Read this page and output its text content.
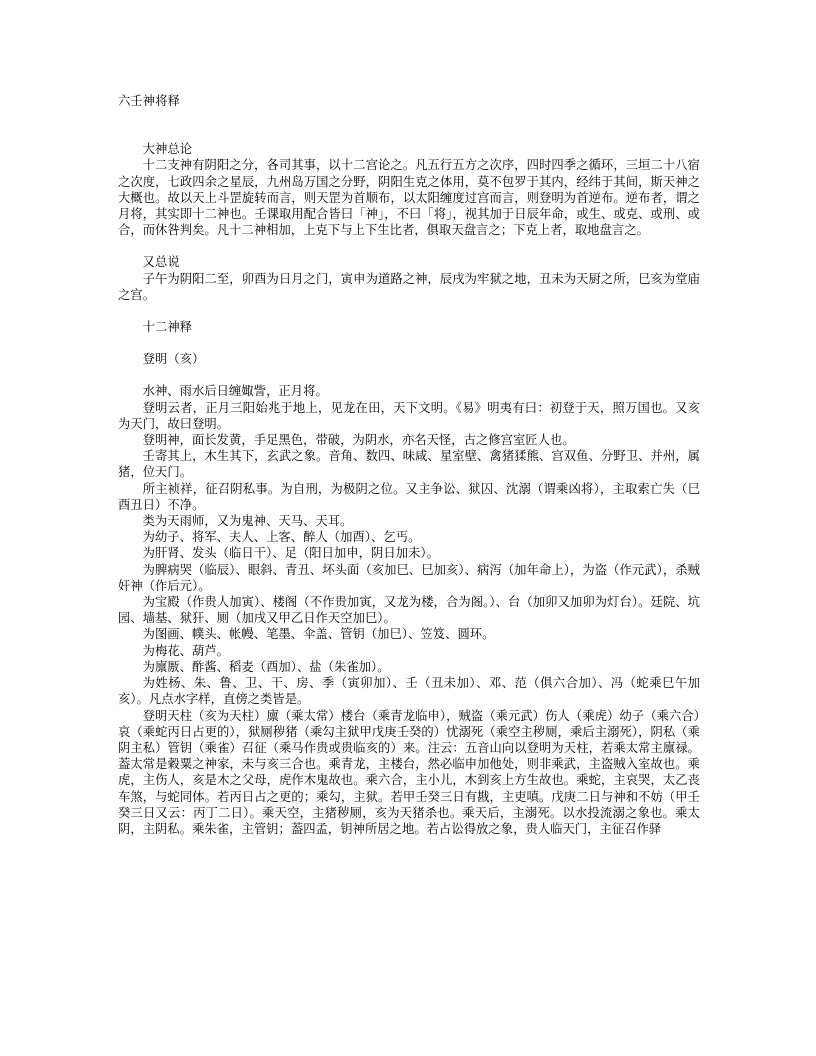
六壬神将释
大神总论

十二支神有阴阳之分，各司其事，以十二宫论之。凡五行五方之次序，四时四季之循环，三垣二十八宿之次度，七政四余之星辰，九州岛万国之分野，阴阳生克之体用，莫不包罗于其内，经纬于其间，斯天神之大概也。故以天上斗罡旋转而言，则天罡为首顺布，以太阳缠度过宫而言，则登明为首逆布。逆布者，谓之月将，其实即十二神也。壬课取用配合皆曰「神」，不曰「将」，视其加于日辰年命，或生、或克、或刑、或合，而休咎判矣。凡十二神相加，上克下与上下生比者，俱取天盘言之；下克上者，取地盘言之。

又总说

子午为阴阳二至，卯酉为日月之门，寅申为道路之神，辰戌为牢狱之地，丑未为天厨之所，巳亥为堂庙之宫。

十二神释
登明（亥）

水神、雨水后日缠娵訾，正月将。

登明云者，正月三阳始兆于地上，见龙在田，天下文明。《易》明夷有曰：初登于天，照万国也。又亥为天门，故曰登明。

登明神，面长发黄，手足黑色，带破，为阴水，亦名天怪，古之修宫室匠人也。

壬寄其上，木生其下，玄武之象。音角、数四、味咸、星室壁、禽猪猱熊、宫双鱼、分野卫、并州，属猪，位天门。

所主祯祥，征召阴私事。为自刑，为极阴之位。又主争讼、狱囚、沈溺（谓乘凶将），主取索亡失（巳酉丑日）不净。

类为天雨师，又为鬼神、天马、天耳。

为幼子、将军、夫人、上客、醉人（加酉）、乞丐。

为肝肾、发头（临日干）、足（阳日加申，阴日加未）。

为脾病哭（临辰）、眼斜、青丑、坏头面（亥加巳、巳加亥）、病泻（加年命上），为盗（作元武），杀贼奸神（作后元）。

为宝殿（作贵人加寅）、楼阁（不作贵加寅，又龙为楼，合为阁。）、台（加卯又加卯为灯台）。廷院、坑园、墙基、狱犴、厕（加戌又甲乙日作天空加巳）。

为图画、幞头、帐幔、笔墨、伞盖、管钥（加巳）、笠笈、圆环。

为梅花、葫芦。

为廪厫、酢酱、稻麦（酉加）、盐（朱雀加）。

为姓杨、朱、鲁、卫、干、房、季（寅卯加）、壬（丑未加）、邓、范（俱六合加）、冯（蛇乘巳午加亥）。凡点水字样，直傍之类皆是。

登明天柱（亥为天柱）廪（乘太常）楼台（乘青龙临申），贼盗（乘元武）伤人（乘虎）幼子（乘六合）哀（乘蛇丙日占更的），狱厕秽猪（乘勾主狱甲戊庚壬癸的）忧溺死（乘空主秽厕，乘后主溺死），阴私（乘阴主私）管钥（乘雀）召征（乘马作贵或贵临亥的）来。注云：五音山向以登明为天柱，若乘太常主廪禄。葢太常是穀粟之神家，未与亥三合也。乘青龙，主楼台，然必临申加他处，则非乘武，主盗贼入室故也。乘虎，主伤人，亥是木之父母，虎作木鬼故也。乘六合，主小儿，木到亥上方生故也。乘蛇，主哀哭，太乙丧车煞，与蛇同体。若丙日占之更的；乘勾，主狱。若甲壬癸三日有戡，主吏嗔。戊庚二日与神和不妨（甲壬癸三日又云：丙丁二日）。乘天空，主猪秽厕，亥为天猪杀也。乘天后，主溺死。以水投流溺之象也。乘太阴，主阴私。乘朱雀，主管钥；葢四孟，钥神所居之地。若占讼得放之象，贵人临天门，主征召作驿
